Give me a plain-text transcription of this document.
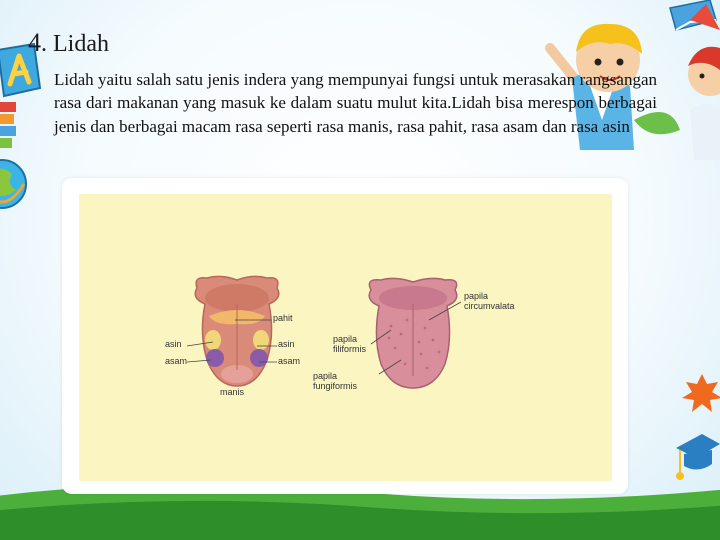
4. Lidah
Lidah yaitu salah satu jenis indera yang mempunyai fungsi untuk merasakan rangsangan rasa dari makanan yang masuk ke dalam suatu mulut kita.Lidah bisa merespon berbagai jenis dan berbagai macam rasa seperti rasa manis, rasa pahit, rasa asam dan rasa asin
pahit
asin
asam
asin
asam
manis
papila
circumvalata
papila
filiformis
papila
fungiformis
